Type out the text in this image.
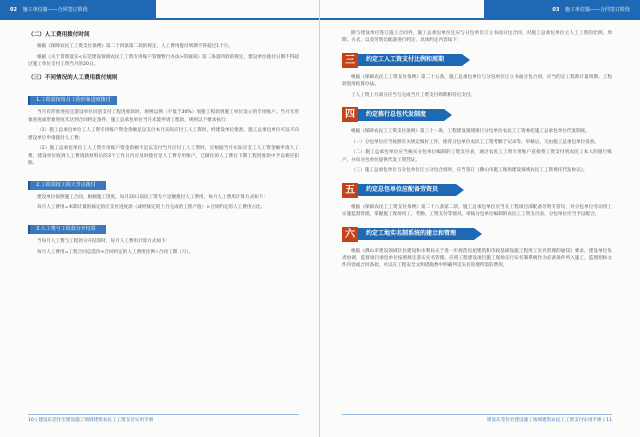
02 施工单位篇——合同签订阶段
（二）人工费用拨付时间

根据《保障农民工工资支付条例》第二十四条第二款的规定，人工费用拨付周期不得超过1个月。

根据《关于贯彻落实<东莞建设领域农民工工资专用账户管理暂行办法>的通知》第二条第四款的规定，建设单位拨付日期不得超过施工单位支付工资当月的20日。

（三）不同情况的人工费用拨付规则
1.工程款按每月工程形象进度拨付

当月有形象进度且建设单位同意支付工程进度款时，规则以例（不低于30%）划拨工程款到施工单位设立的专用账户。当月无形象进度或形象进度未达到合同约定条件，施工总承包单位当月未能申请工程款，规则以下要求执行：

（1）施工总承包单位工人工资专用账户资金余额足以支付本月实际应付工人工资时，经建设单位批准，施工总承包单位可以不向建设单位申请拨付人工费；

（2）施工总承包单位工人工资专用账户资金余额不足以支付当月应付工人工资时，应根据当月实际应支工人工资金额申请人工费，建设单位收到人工费请款材料后的3个工作日内应及时拨付足人工费专用账户，已做住的人工费在下期工程进度款中予以相应扣除。

2.工程款按工程大节点拨付

建设单位按照施工合同，根据施工进度，每月20日前向工资专户足额拨付人工费用，每月人工费用计算方式如下：

每月人工费用=本期计量的核定的应支付进度款（或经核定的上月完成的工程产值）×合同约定的人工费用占比。

3.人工费与工程款分开结算

当每月人工费与工程款分开结算时，每月人工费用计算方式如下：

每月人工费用=工程合同总造价×合同约定的人工费用比例÷合同工期（月）。

10 | 建设东莞住宅建设施工领域建筑农民工工资支付实用手册
03 施工单位篇——合同签订阶段

除与建设单位签订施工合同外，施工总承包单位还应与分包单位订立书面分包合同，对施工总承包单位主人工工资的比例、周期、方式，以及劳资员配备进行约定，具体约定内容如下：

三	约定工人工资支付比例和周期

根据《保障农民工工资支付条例》第二十五条，施工总承包单位与分包单位订立书面分包合同，应当约定工程款计量周期、工程款进度结算办法。

工人工资上月部分应当与完成当月工资支付周期相符后支付。

四	约定推行总包代发制度

根据《保障农民工工资支付条例》第三十一条，工程建设领域推行分包单位农民工工资委托施工总承包单位代发制度。

（一）分包单位应当按照有关规定做好工作，推荐分包单位农民工工资考勤于记录等，审核后，交由施工总承包单位发放。

（二）施工总承包单位应当核实分包单位编制的工资支付表，通过农民工工资专用账户直接将工资支付到农民工本人的银行账户，并向分包单位提供代发工资凭证。

（三）施工总承包单位与分包单位订立分包合同时，应当签订《佛山市施工现场建设领域农民工工资委托代发协议》。

五	约定总包单位应配备劳资员

根据《保障农民工工资支付条例》第二十八条第二款，施工总承包单位应当在工程项目部配备劳资专管员，对分包单位劳动用工实施监督管理，掌握施工现场用工、考勤、工资支付等情况，审核分包单位编制的农民工工资支付表，分包单位应当予以配合。

六	约定工地实名制系统的建立和管理

根据《佛山市建设领域区住建设和水利局关于进一步规范房屋建筑和市政基础设施工程用工实名管理的通知》要求，建设单位负责协调，监督项目承包单位按照规定落实实名管理。应将工程建设项目施工现场实行实名制系统作为必备条件列入施工，监理招标文件内容或合同条款，可以在工程安全文明措施费中明确列支实名管理所需的费用。

建设东莞住宅建设施工领域建筑农民工工资支付实用手册 | 11
